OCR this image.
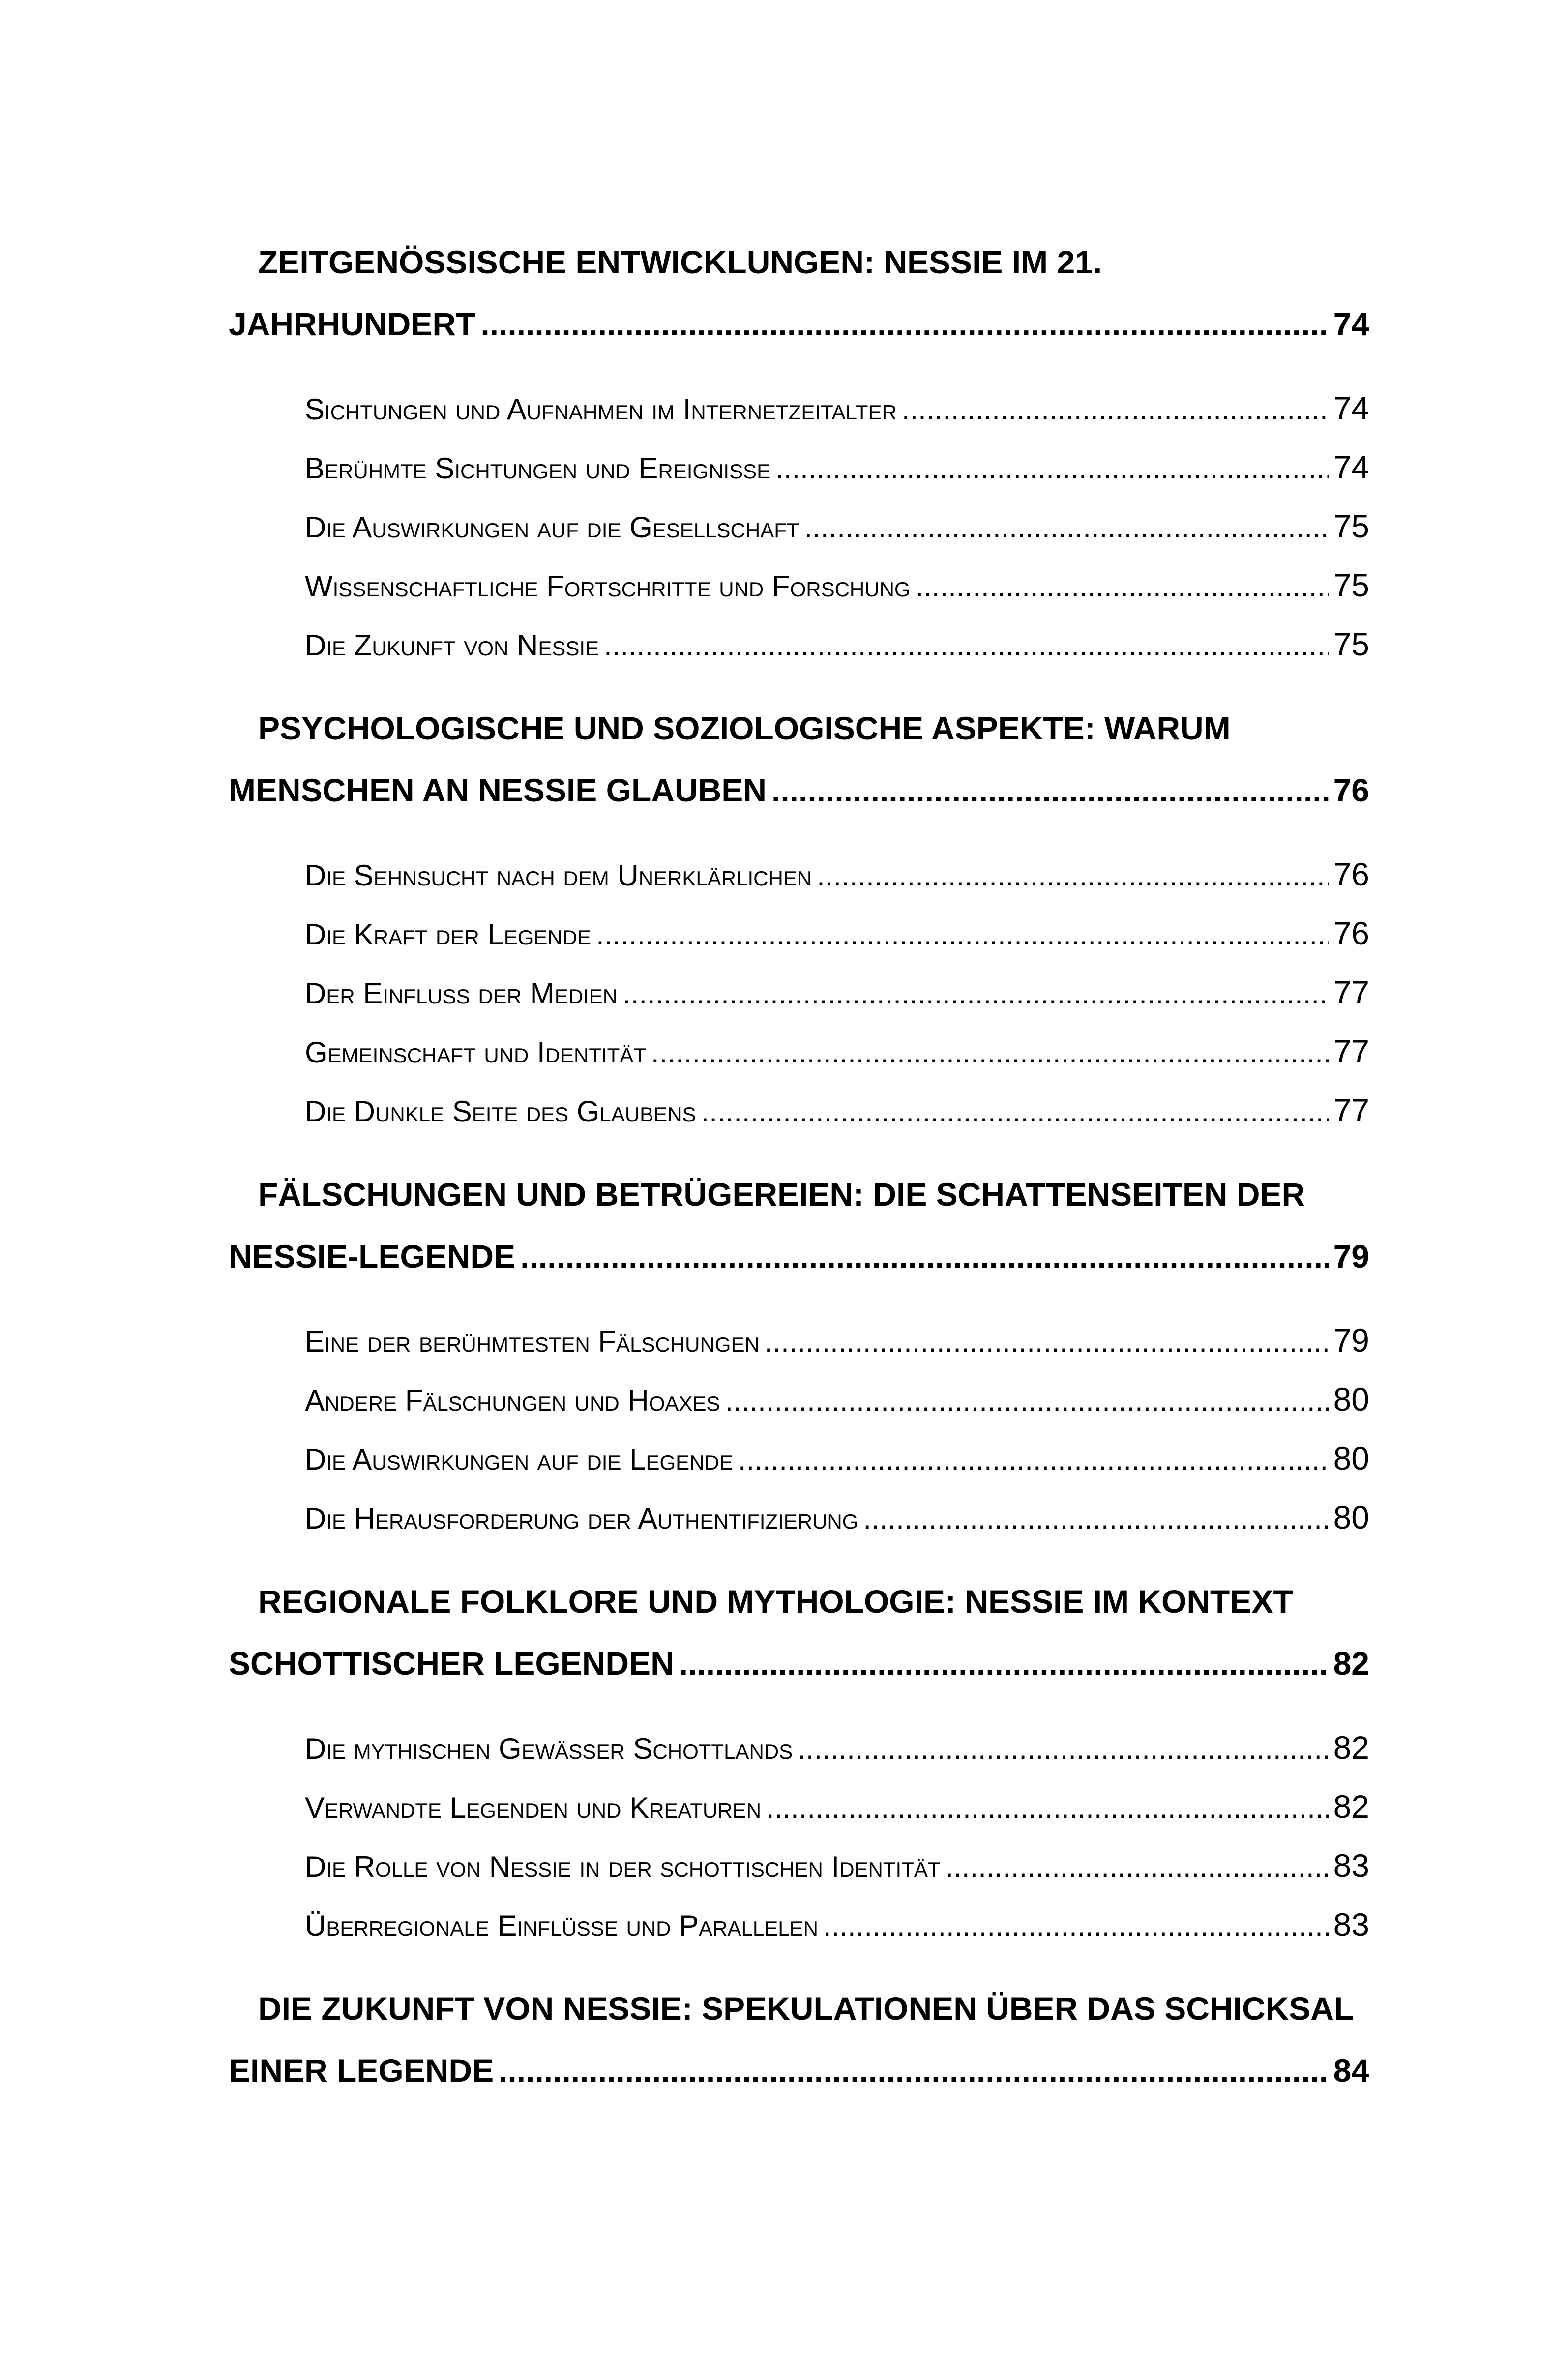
ZEITGENÖSSISCHE ENTWICKLUNGEN: NESSIE IM 21.
JAHRHUNDERT .....	74
Sichtungen und Aufnahmen im Internetzeitalter .....	74
Berühmte Sichtungen und Ereignisse .....	74
Die Auswirkungen auf die Gesellschaft .....	75
Wissenschaftliche Fortschritte und Forschung .....	75
Die Zukunft von Nessie .....	75
PSYCHOLOGISCHE UND SOZIOLOGISCHE ASPEKTE: WARUM
MENSCHEN AN NESSIE GLAUBEN .....	76
Die Sehnsucht nach dem Unerklärlichen .....	76
Die Kraft der Legende .....	76
Der Einfluss der Medien .....	77
Gemeinschaft und Identität .....	77
Die Dunkle Seite des Glaubens .....	77
FÄLSCHUNGEN UND BETRÜGEREIEN: DIE SCHATTENSEITEN DER
NESSIE-LEGENDE .....	79
Eine der berühmtesten Fälschungen .....	79
Andere Fälschungen und Hoaxes .....	80
Die Auswirkungen auf die Legende .....	80
Die Herausforderung der Authentifizierung .....	80
REGIONALE FOLKLORE UND MYTHOLOGIE: NESSIE IM KONTEXT
SCHOTTISCHER LEGENDEN .....	82
Die mythischen Gewässer Schottlands .....	82
Verwandte Legenden und Kreaturen .....	82
Die Rolle von Nessie in der schottischen Identität .....	83
Überregionale Einflüsse und Parallelen .....	83
DIE ZUKUNFT VON NESSIE: SPEKULATIONEN ÜBER DAS SCHICKSAL
EINER LEGENDE .....	84
